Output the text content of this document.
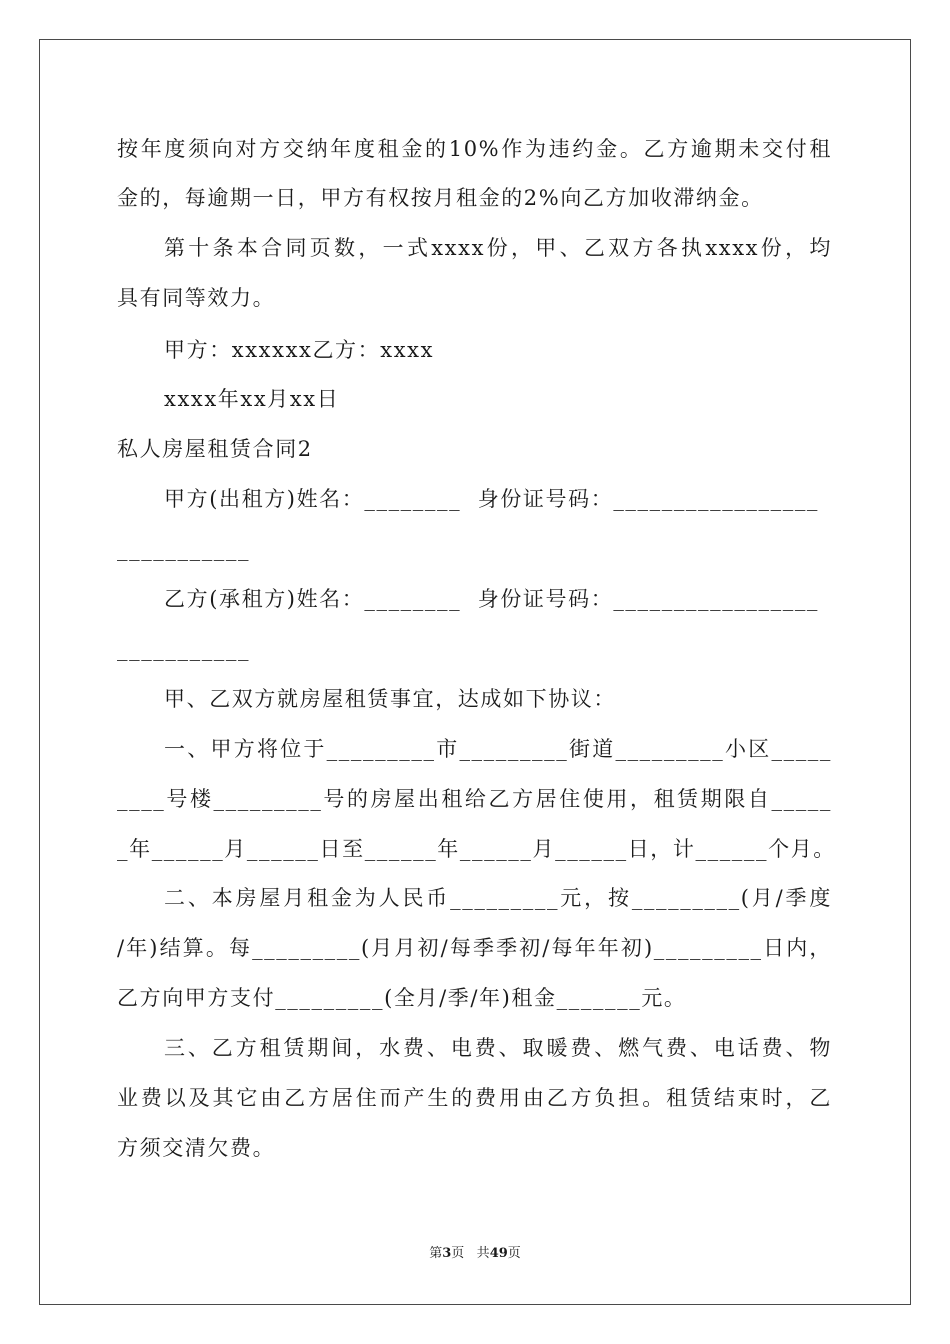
按年度须向对方交纳年度租金的10%作为违约金。乙方逾期未交付租
金的，每逾期一日，甲方有权按月租金的2%向乙方加收滞纳金。
第十条本合同页数，一式xxxx份，甲、乙双方各执xxxx份，均
具有同等效力。
甲方：xxxxxx乙方：xxxx
xxxx年xx月xx日
私人房屋租赁合同2
甲方(出租方)姓名：________  身份证号码：_________________
___________
乙方(承租方)姓名：________  身份证号码：_________________
___________
甲、乙双方就房屋租赁事宜，达成如下协议：
一、甲方将位于_________市_________街道_________小区_____
____号楼_________号的房屋出租给乙方居住使用，租赁期限自_____
_年______月______日至______年______月______日，计______个月。
二、本房屋月租金为人民币_________元，按_________(月/季度
/年)结算。每_________(月月初/每季季初/每年年初)_________日内，
乙方向甲方支付_________(全月/季/年)租金_______元。
三、乙方租赁期间，水费、电费、取暖费、燃气费、电话费、物
业费以及其它由乙方居住而产生的费用由乙方负担。租赁结束时，乙
方须交清欠费。
第3页 共49页
